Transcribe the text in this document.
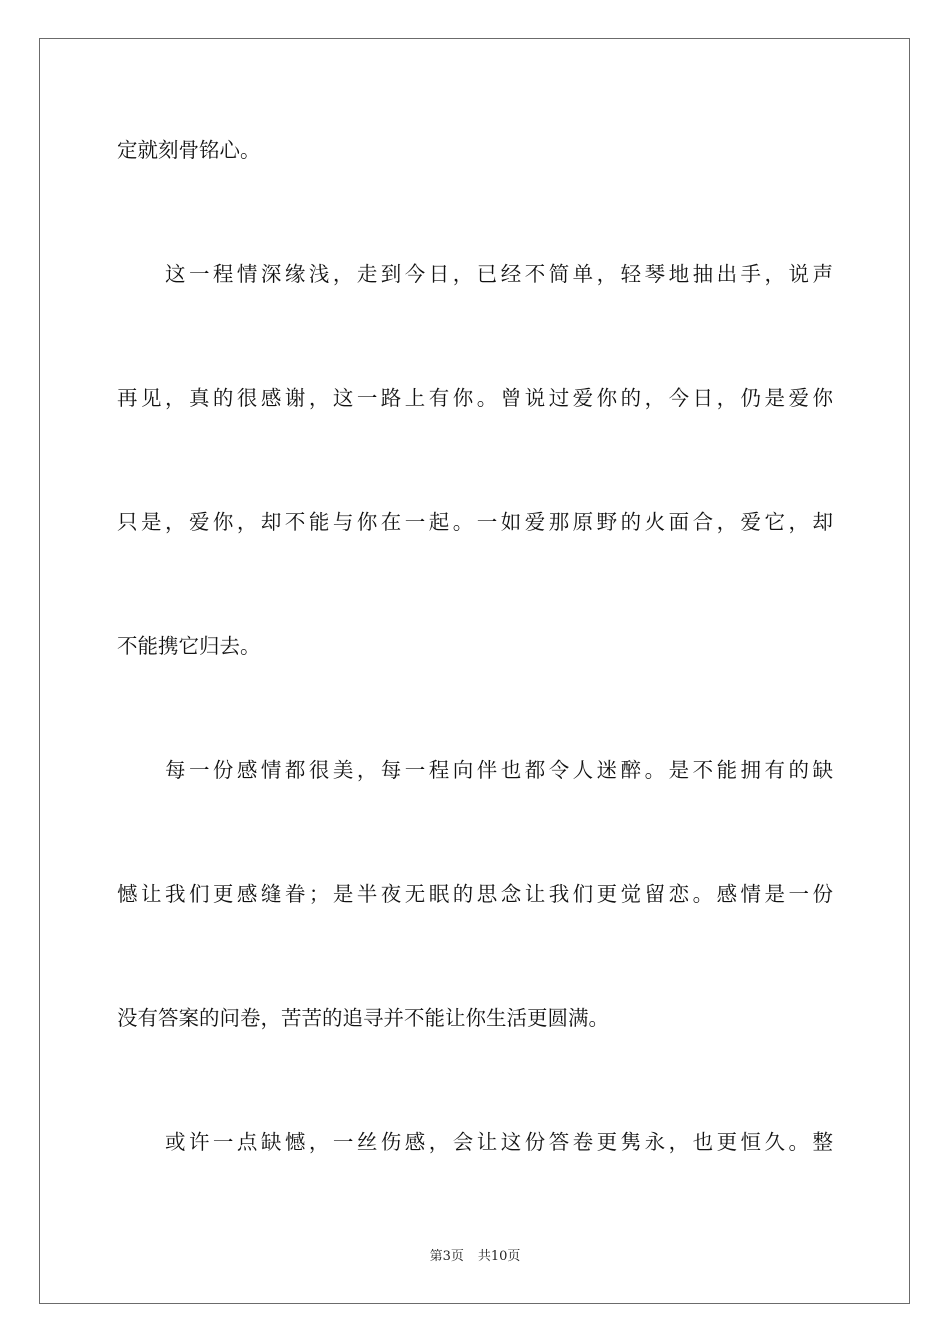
定就刻骨铭心。
　　这一程情深缘浅，走到今日，已经不简单，轻琴地抽出手，说声
再见，真的很感谢，这一路上有你。曾说过爱你的，今日，仍是爱你
只是，爱你，却不能与你在一起。一如爱那原野的火面合，爱它，却
不能携它归去。
　　每一份感情都很美，每一程向伴也都令人迷醉。是不能拥有的缺
憾让我们更感缝眷；是半夜无眠的思念让我们更觉留恋。感情是一份
没有答案的问卷，苦苦的追寻并不能让你生活更圆满。
　　或许一点缺憾，一丝伤感，会让这份答卷更隽永，也更恒久。整
第3页 共10页
